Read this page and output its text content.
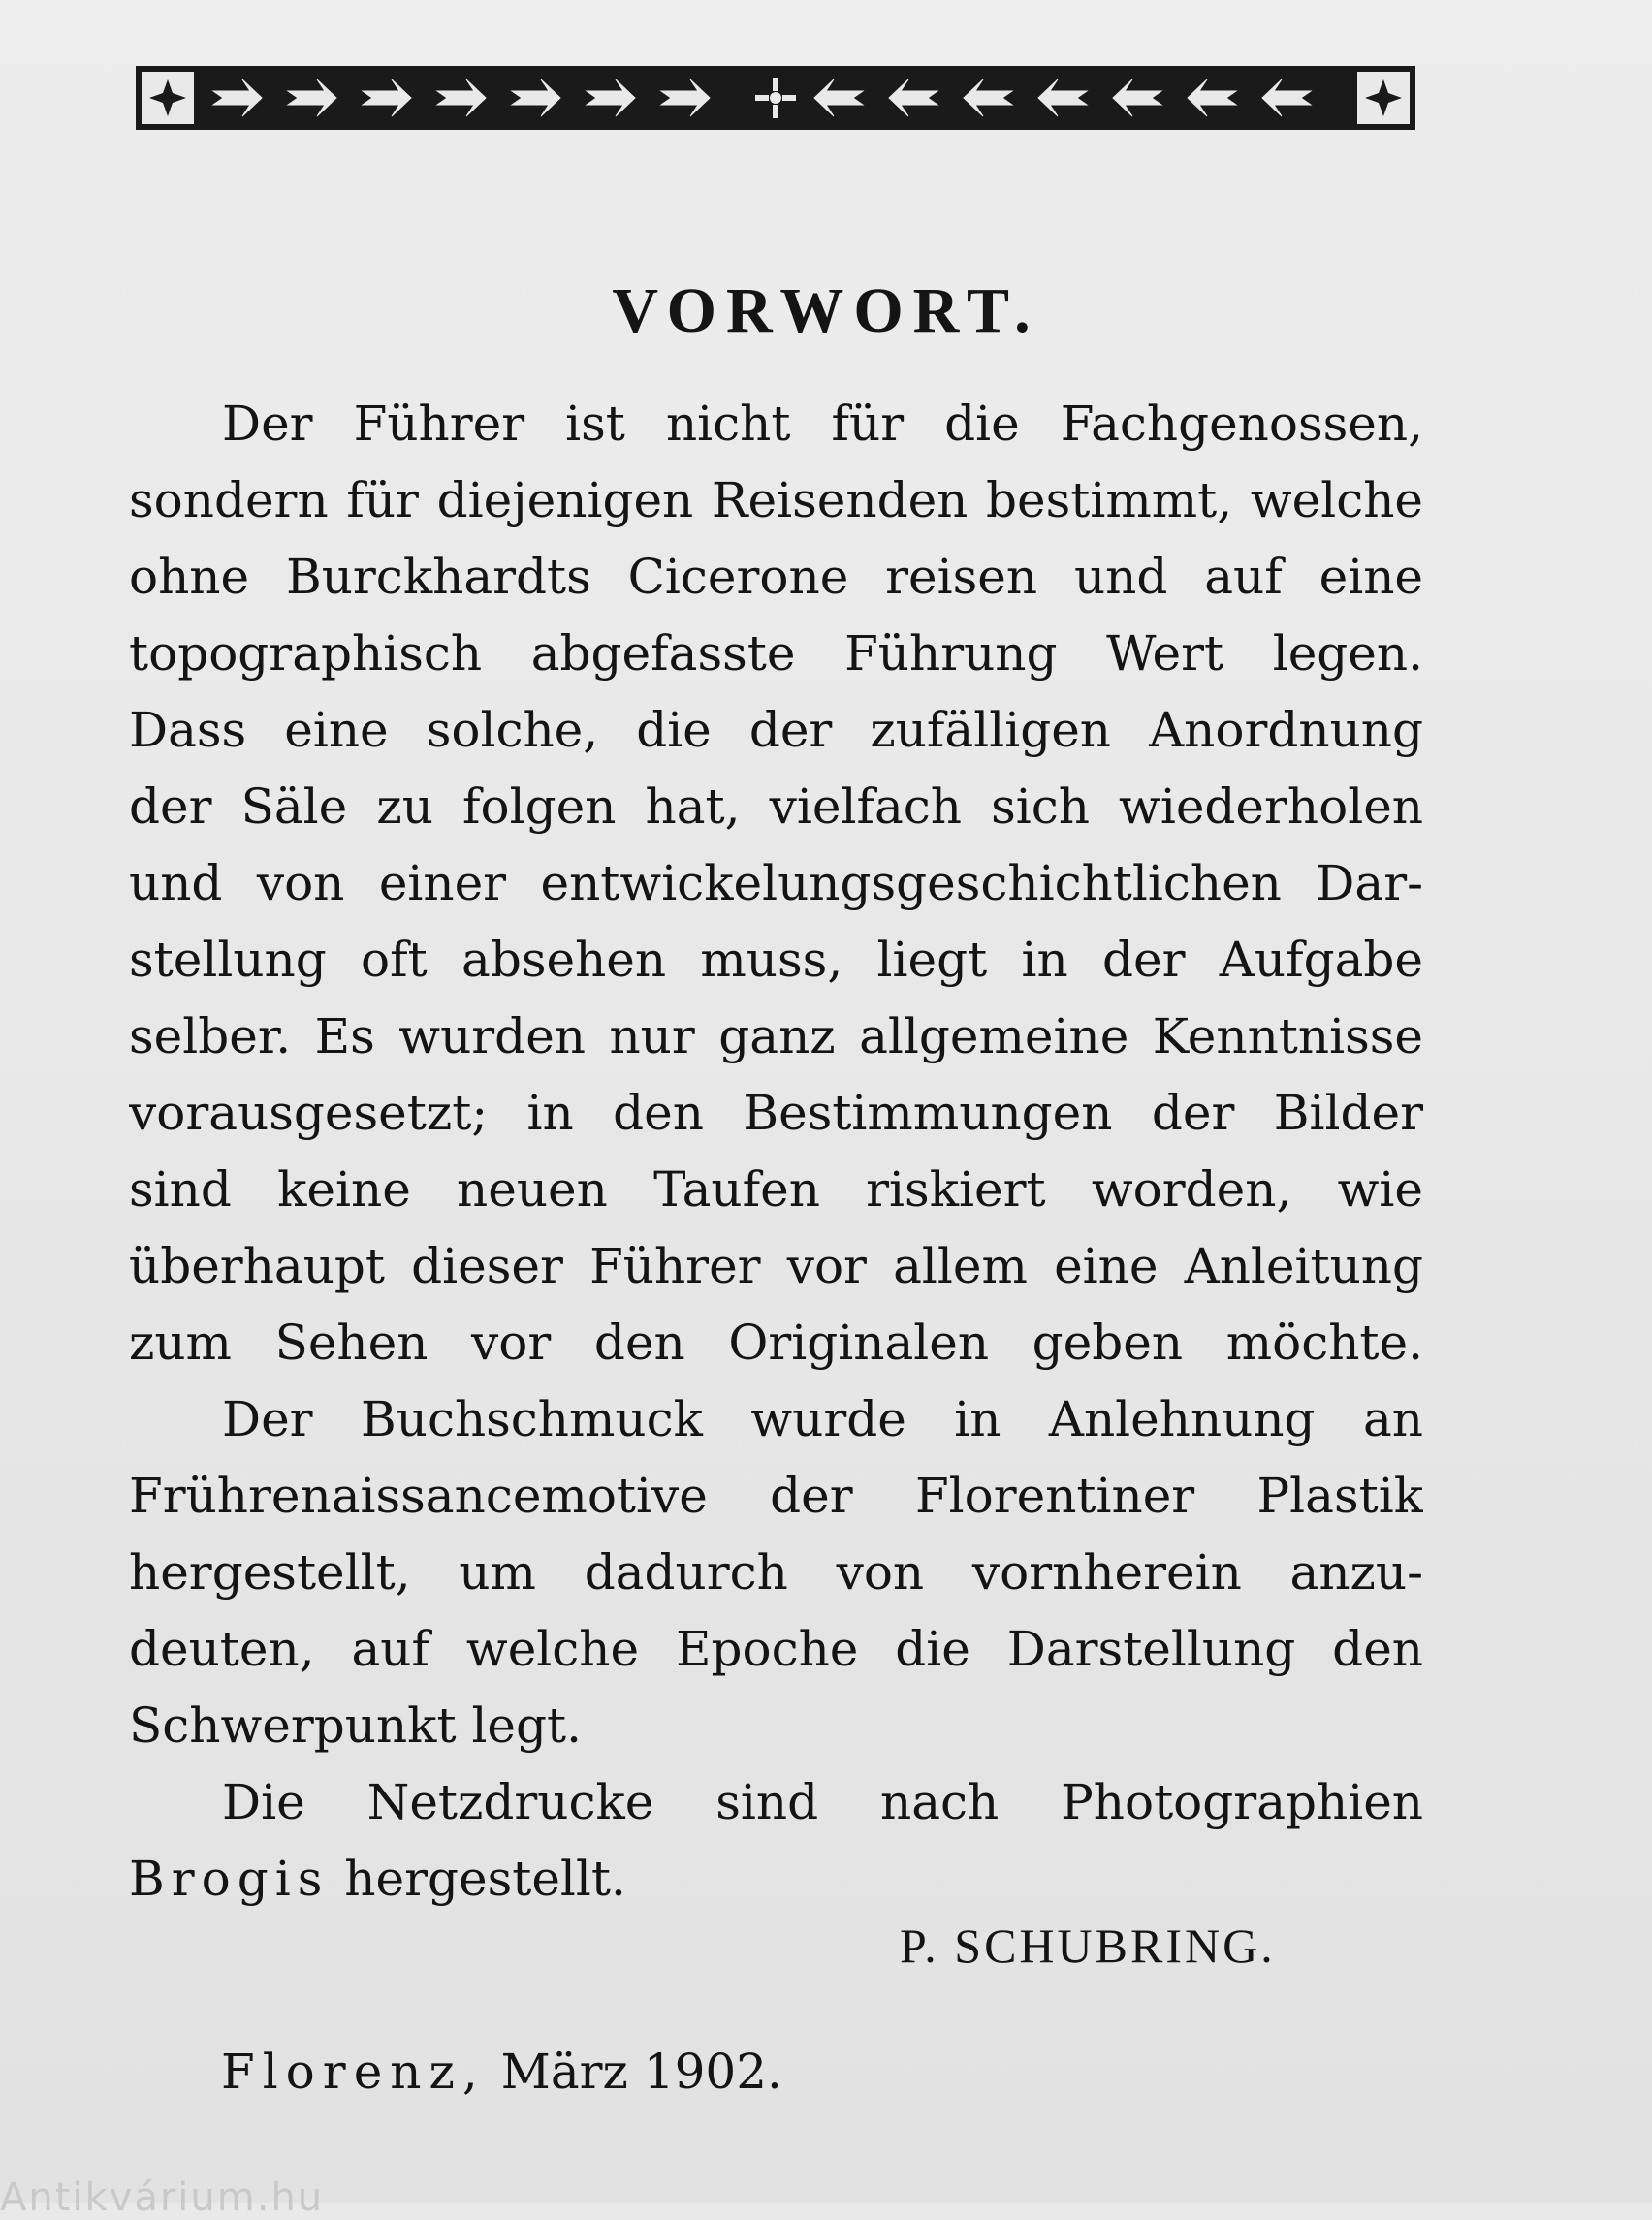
VORWORT.
Der Führer ist nicht für die Fachgenossen,
sondern für diejenigen Reisenden bestimmt, welche
ohne Burckhardts Cicerone reisen und auf eine
topographisch abgefasste Führung Wert legen.
Dass eine solche, die der zufälligen Anordnung
der Säle zu folgen hat, vielfach sich wiederholen
und von einer entwickelungsgeschichtlichen Dar-
stellung oft absehen muss, liegt in der Aufgabe
selber. Es wurden nur ganz allgemeine Kenntnisse
vorausgesetzt; in den Bestimmungen der Bilder
sind keine neuen Taufen riskiert worden, wie
überhaupt dieser Führer vor allem eine Anleitung
zum Sehen vor den Originalen geben möchte.
Der Buchschmuck wurde in Anlehnung an
Frührenaissancemotive der Florentiner Plastik
hergestellt, um dadurch von vornherein anzu-
deuten, auf welche Epoche die Darstellung den
Schwerpunkt legt.
Die Netzdrucke sind nach Photographien
Brogis hergestellt.
P. SCHUBRING.
Florenz, März 1902.
Antikvárium.hu
